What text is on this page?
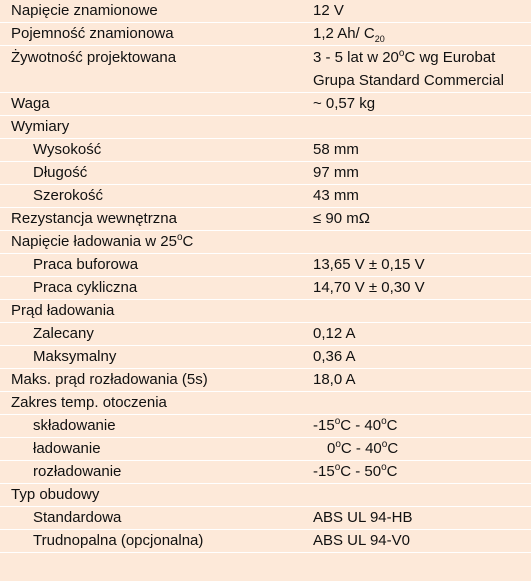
Napięcie znamionowe	12 V
Pojemność znamionowa	1,2 Ah/ $C_{20}$
Żywotność projektowana	3 - 5 lat w 20$^o$C wg Eurobat
Grupa Standard Commercial
Waga	~ 0,57 kg
Wymiary	
Wysokość	58 mm
Długość	97 mm
Szerokość	43 mm
Rezystancja wewnętrzna	≤ 90 mΩ
Napięcie ładowania w 25$^o$C	
Praca buforowa	13,65 V ± 0,15 V
Praca cykliczna	14,70 V ± 0,30 V
Prąd ładowania	
Zalecany	0,12 A
Maksymalny	0,36 A
Maks. prąd rozładowania (5s)	18,0 A
Zakres temp. otoczenia	
składowanie	-15$^o$C - 40$^o$C
ładowanie	0$^o$C - 40$^o$C
rozładowanie	-15$^o$C - 50$^o$C
Typ obudowy	
Standardowa	ABS UL 94-HB
Trudnopalna (opcjonalna)	ABS UL 94-V0
